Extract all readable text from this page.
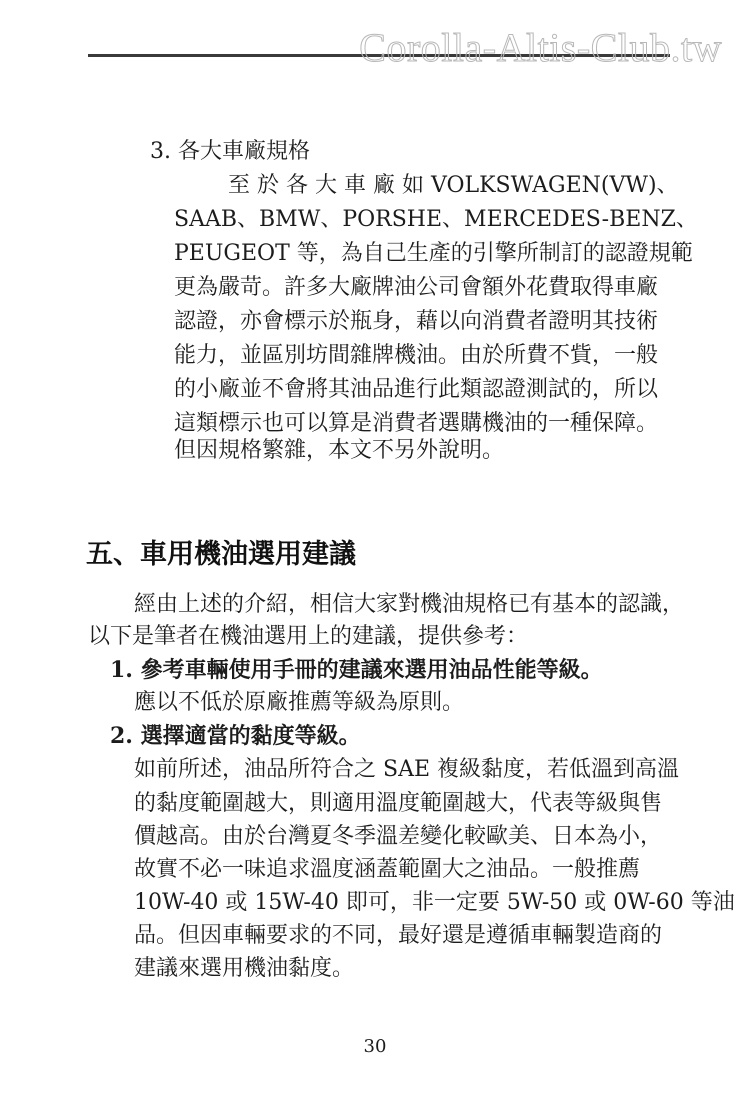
Corolla-Altis-Club.tw
3. 各大車廠規格
至 於 各 大 車 廠 如 VOLKSWAGEN(VW)、
SAAB、BMW、PORSHE、MERCEDES-BENZ、
PEUGEOT 等，為自己生產的引擎所制訂的認證規範
更為嚴苛。許多大廠牌油公司會額外花費取得車廠
認證，亦會標示於瓶身，藉以向消費者證明其技術
能力，並區別坊間雜牌機油。由於所費不貲，一般
的小廠並不會將其油品進行此類認證測試的，所以
這類標示也可以算是消費者選購機油的一種保障。
但因規格繁雜，本文不另外說明。
五、車用機油選用建議
經由上述的介紹，相信大家對機油規格已有基本的認識，
以下是筆者在機油選用上的建議，提供參考：
1. 參考車輛使用手冊的建議來選用油品性能等級。
應以不低於原廠推薦等級為原則。
2. 選擇適當的黏度等級。
如前所述，油品所符合之 SAE 複級黏度，若低溫到高溫
的黏度範圍越大，則適用溫度範圍越大，代表等級與售
價越高。由於台灣夏冬季溫差變化較歐美、日本為小，
故實不必一味追求溫度涵蓋範圍大之油品。一般推薦
10W-40 或 15W-40 即可，非一定要 5W-50 或 0W-60 等油
品。但因車輛要求的不同，最好還是遵循車輛製造商的
建議來選用機油黏度。
30
